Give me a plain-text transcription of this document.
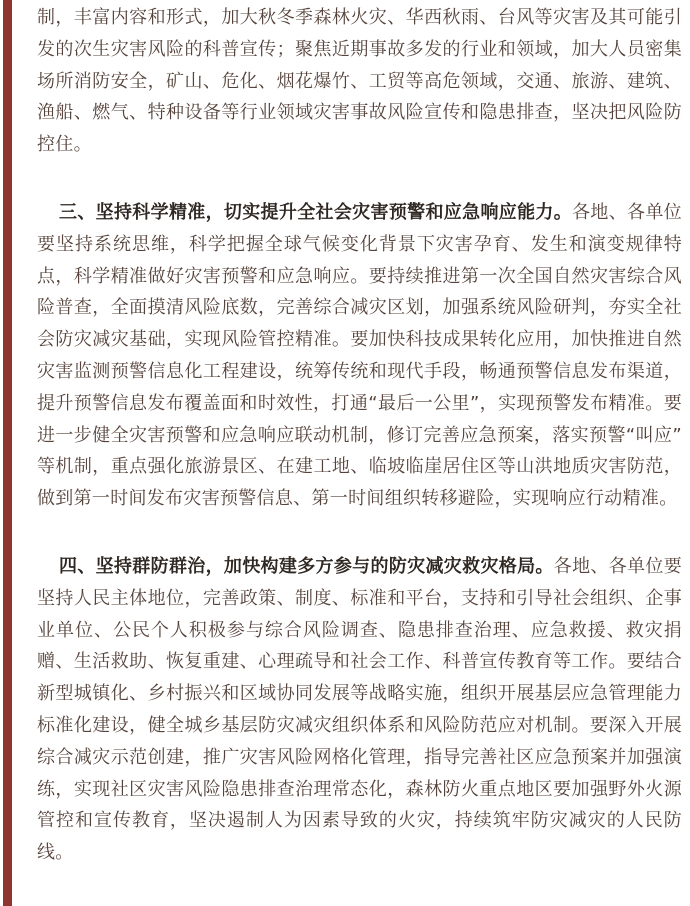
制，丰富内容和形式，加大秋冬季森林火灾、华西秋雨、台风等灾害及其可能引发的次生灾害风险的科普宣传；聚焦近期事故多发的行业和领域，加大人员密集场所消防安全，矿山、危化、烟花爆竹、工贸等高危领域，交通、旅游、建筑、渔船、燃气、特种设备等行业领域灾害事故风险宣传和隐患排查，坚决把风险防控住。

三、坚持科学精准，切实提升全社会灾害预警和应急响应能力。各地、各单位要坚持系统思维，科学把握全球气候变化背景下灾害孕育、发生和演变规律特点，科学精准做好灾害预警和应急响应。要持续推进第一次全国自然灾害综合风险普查，全面摸清风险底数，完善综合减灾区划，加强系统风险研判，夯实全社会防灾减灾基础，实现风险管控精准。要加快科技成果转化应用，加快推进自然灾害监测预警信息化工程建设，统筹传统和现代手段，畅通预警信息发布渠道，提升预警信息发布覆盖面和时效性，打通“最后一公里”，实现预警发布精准。要进一步健全灾害预警和应急响应联动机制，修订完善应急预案，落实预警“叫应”等机制，重点强化旅游景区、在建工地、临坡临崖居住区等山洪地质灾害防范，做到第一时间发布灾害预警信息、第一时间组织转移避险，实现响应行动精准。

四、坚持群防群治，加快构建多方参与的防灾减灾救灾格局。各地、各单位要坚持人民主体地位，完善政策、制度、标准和平台，支持和引导社会组织、企事业单位、公民个人积极参与综合风险调查、隐患排查治理、应急救援、救灾捐赠、生活救助、恢复重建、心理疏导和社会工作、科普宣传教育等工作。要结合新型城镇化、乡村振兴和区域协同发展等战略实施，组织开展基层应急管理能力标准化建设，健全城乡基层防灾减灾组织体系和风险防范应对机制。要深入开展综合减灾示范创建，推广灾害风险网格化管理，指导完善社区应急预案并加强演练，实现社区灾害风险隐患排查治理常态化，森林防火重点地区要加强野外火源管控和宣传教育，坚决遏制人为因素导致的火灾，持续筑牢防灾减灾的人民防线。
